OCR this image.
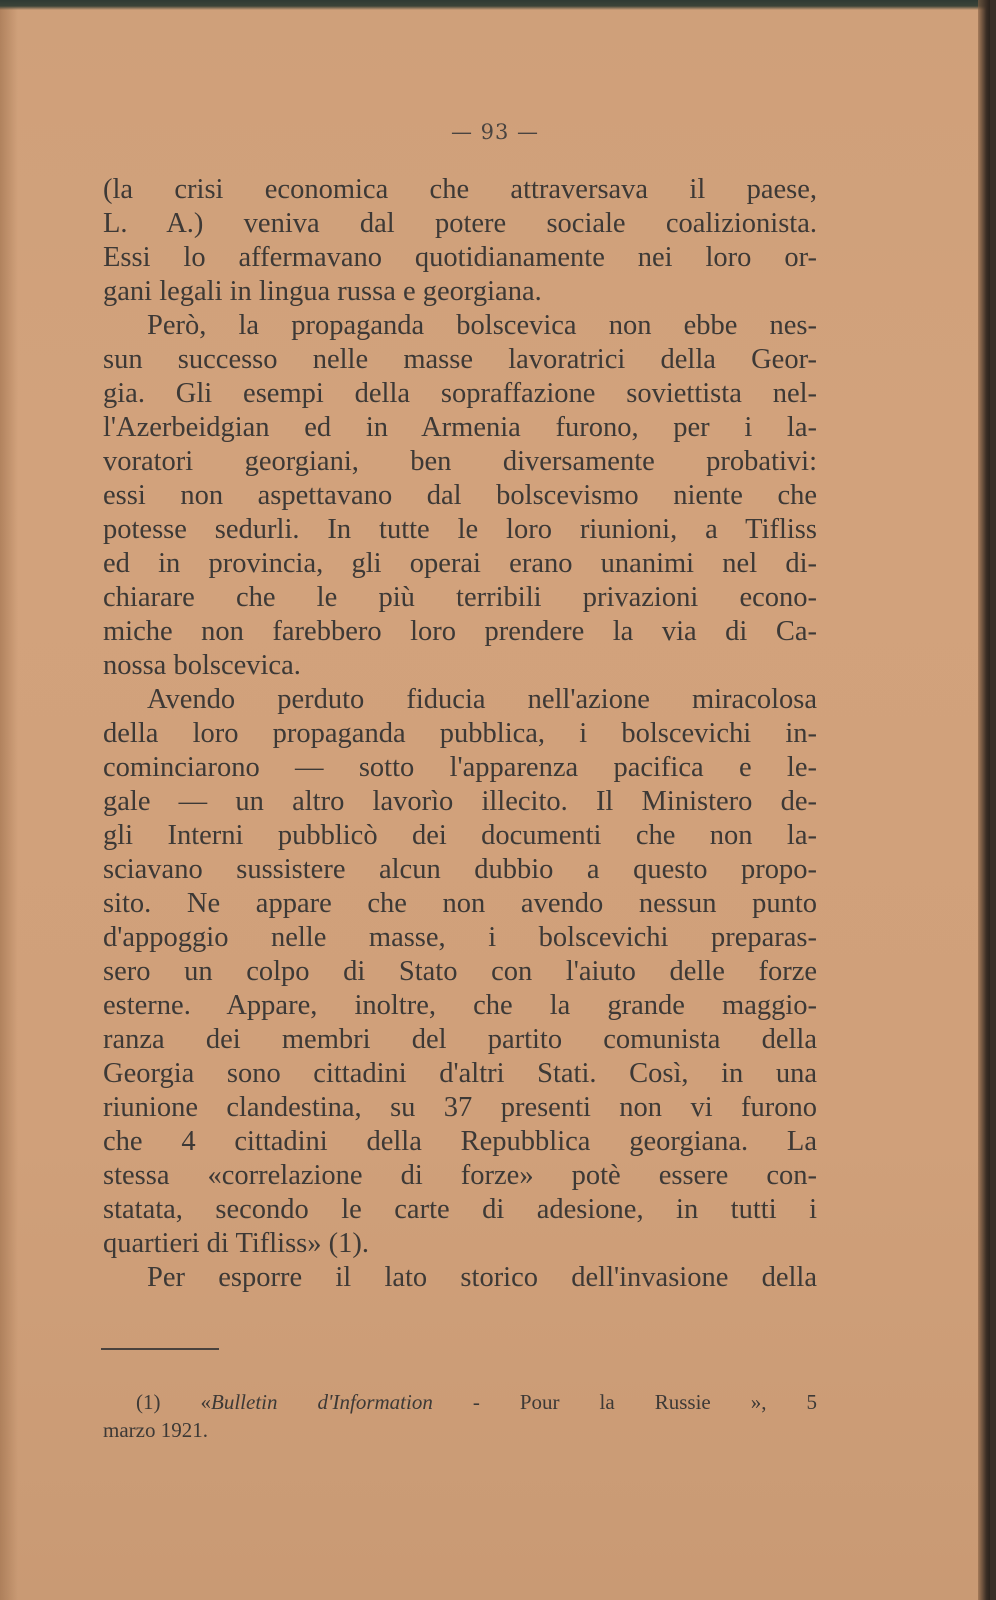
— 93 —
(la crisi economica che attraversava il paese,
L. A.) veniva dal potere sociale coalizionista.
Essi lo affermavano quotidianamente nei loro or-
gani legali in lingua russa e georgiana.
Però, la propaganda bolscevica non ebbe nes-
sun successo nelle masse lavoratrici della Geor-
gia. Gli esempi della sopraffazione soviettista nel-
l'Azerbeidgian ed in Armenia furono, per i la-
voratori georgiani, ben diversamente probativi:
essi non aspettavano dal bolscevismo niente che
potesse sedurli. In tutte le loro riunioni, a Tifliss
ed in provincia, gli operai erano unanimi nel di-
chiarare che le più terribili privazioni econo-
miche non farebbero loro prendere la via di Ca-
nossa bolscevica.
Avendo perduto fiducia nell'azione miracolosa
della loro propaganda pubblica, i bolscevichi in-
cominciarono — sotto l'apparenza pacifica e le-
gale — un altro lavorìo illecito. Il Ministero de-
gli Interni pubblicò dei documenti che non la-
sciavano sussistere alcun dubbio a questo propo-
sito. Ne appare che non avendo nessun punto
d'appoggio nelle masse, i bolscevichi preparas-
sero un colpo di Stato con l'aiuto delle forze
esterne. Appare, inoltre, che la grande maggio-
ranza dei membri del partito comunista della
Georgia sono cittadini d'altri Stati. Così, in una
riunione clandestina, su 37 presenti non vi furono
che 4 cittadini della Repubblica georgiana. La
stessa «correlazione di forze» potè essere con-
statata, secondo le carte di adesione, in tutti i
quartieri di Tifliss» (1).
Per esporre il lato storico dell'invasione della
(1) «Bulletin d'Information - Pour la Russie », 5
marzo 1921.
